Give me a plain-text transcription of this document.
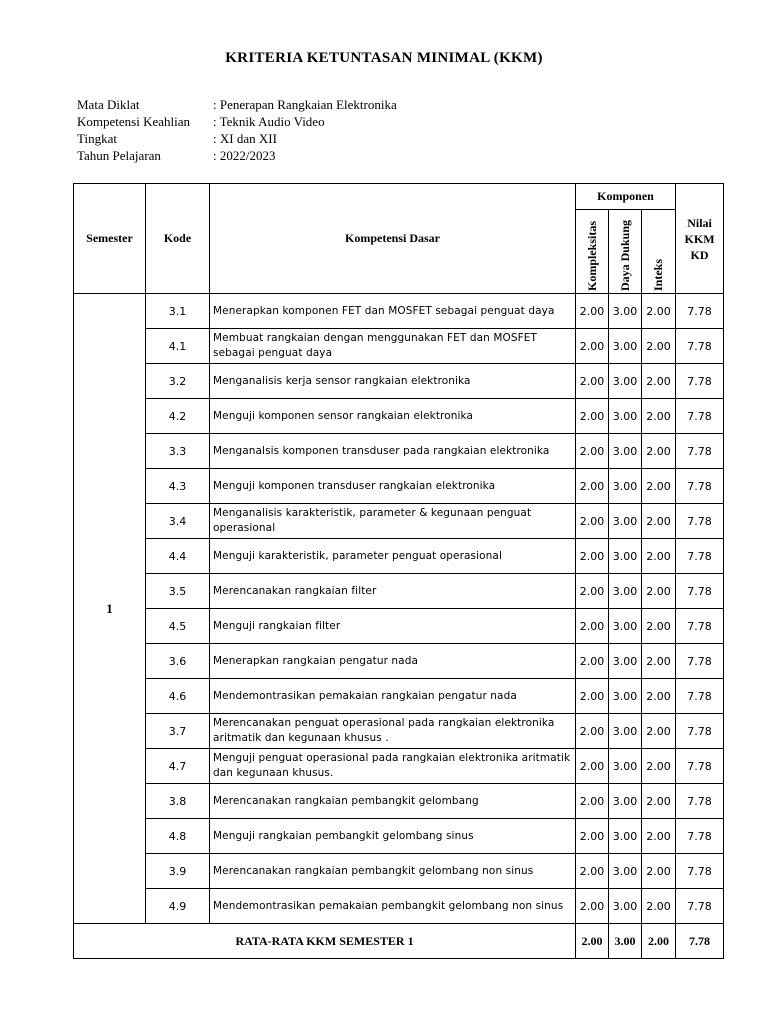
KRITERIA KETUNTASAN MINIMAL (KKM)
Mata Diklat	: Penerapan Rangkaian Elektronika
Kompetensi Keahlian	: Teknik Audio Video
Tingkat	: XI dan XII
Tahun Pelajaran	: 2022/2023
Semester	Kode	Kompetensi Dasar	Komponen			Nilai
KKM
KD

			Kompleksitas	Daya Dukung	Inteks	

1	3.1	Menerapkan komponen FET dan MOSFET sebagai penguat daya	2.00	3.00	2.00	7.78
	4.1	Membuat rangkaian dengan menggunakan FET dan MOSFET sebagai penguat daya	2.00	3.00	2.00	7.78
	3.2	Menganalisis kerja sensor rangkaian elektronika	2.00	3.00	2.00	7.78
	4.2	Menguji komponen sensor rangkaian elektronika	2.00	3.00	2.00	7.78
	3.3	Menganalsis komponen transduser pada rangkaian elektronika	2.00	3.00	2.00	7.78
	4.3	Menguji komponen transduser rangkaian elektronika	2.00	3.00	2.00	7.78
	3.4	Menganalisis karakteristik, parameter & kegunaan penguat operasional	2.00	3.00	2.00	7.78
	4.4	Menguji karakteristik, parameter penguat operasional	2.00	3.00	2.00	7.78
	3.5	Merencanakan rangkaian filter	2.00	3.00	2.00	7.78
	4.5	Menguji rangkaian filter	2.00	3.00	2.00	7.78
	3.6	Menerapkan rangkaian pengatur nada	2.00	3.00	2.00	7.78
	4.6	Mendemontrasikan pemakaian rangkaian pengatur nada	2.00	3.00	2.00	7.78
	3.7	Merencanakan penguat operasional pada rangkaian elektronika aritmatik dan kegunaan khusus .	2.00	3.00	2.00	7.78
	4.7	Menguji penguat operasional pada rangkaian elektronika aritmatik dan kegunaan khusus.	2.00	3.00	2.00	7.78
	3.8	Merencanakan rangkaian pembangkit gelombang	2.00	3.00	2.00	7.78
	4.8	Menguji rangkaian pembangkit gelombang sinus	2.00	3.00	2.00	7.78
	3.9	Merencanakan rangkaian pembangkit gelombang non sinus	2.00	3.00	2.00	7.78
	4.9	Mendemontrasikan pemakaian pembangkit gelombang non sinus	2.00	3.00	2.00	7.78
RATA-RATA KKM SEMESTER 1			2.00	3.00	2.00	7.78
